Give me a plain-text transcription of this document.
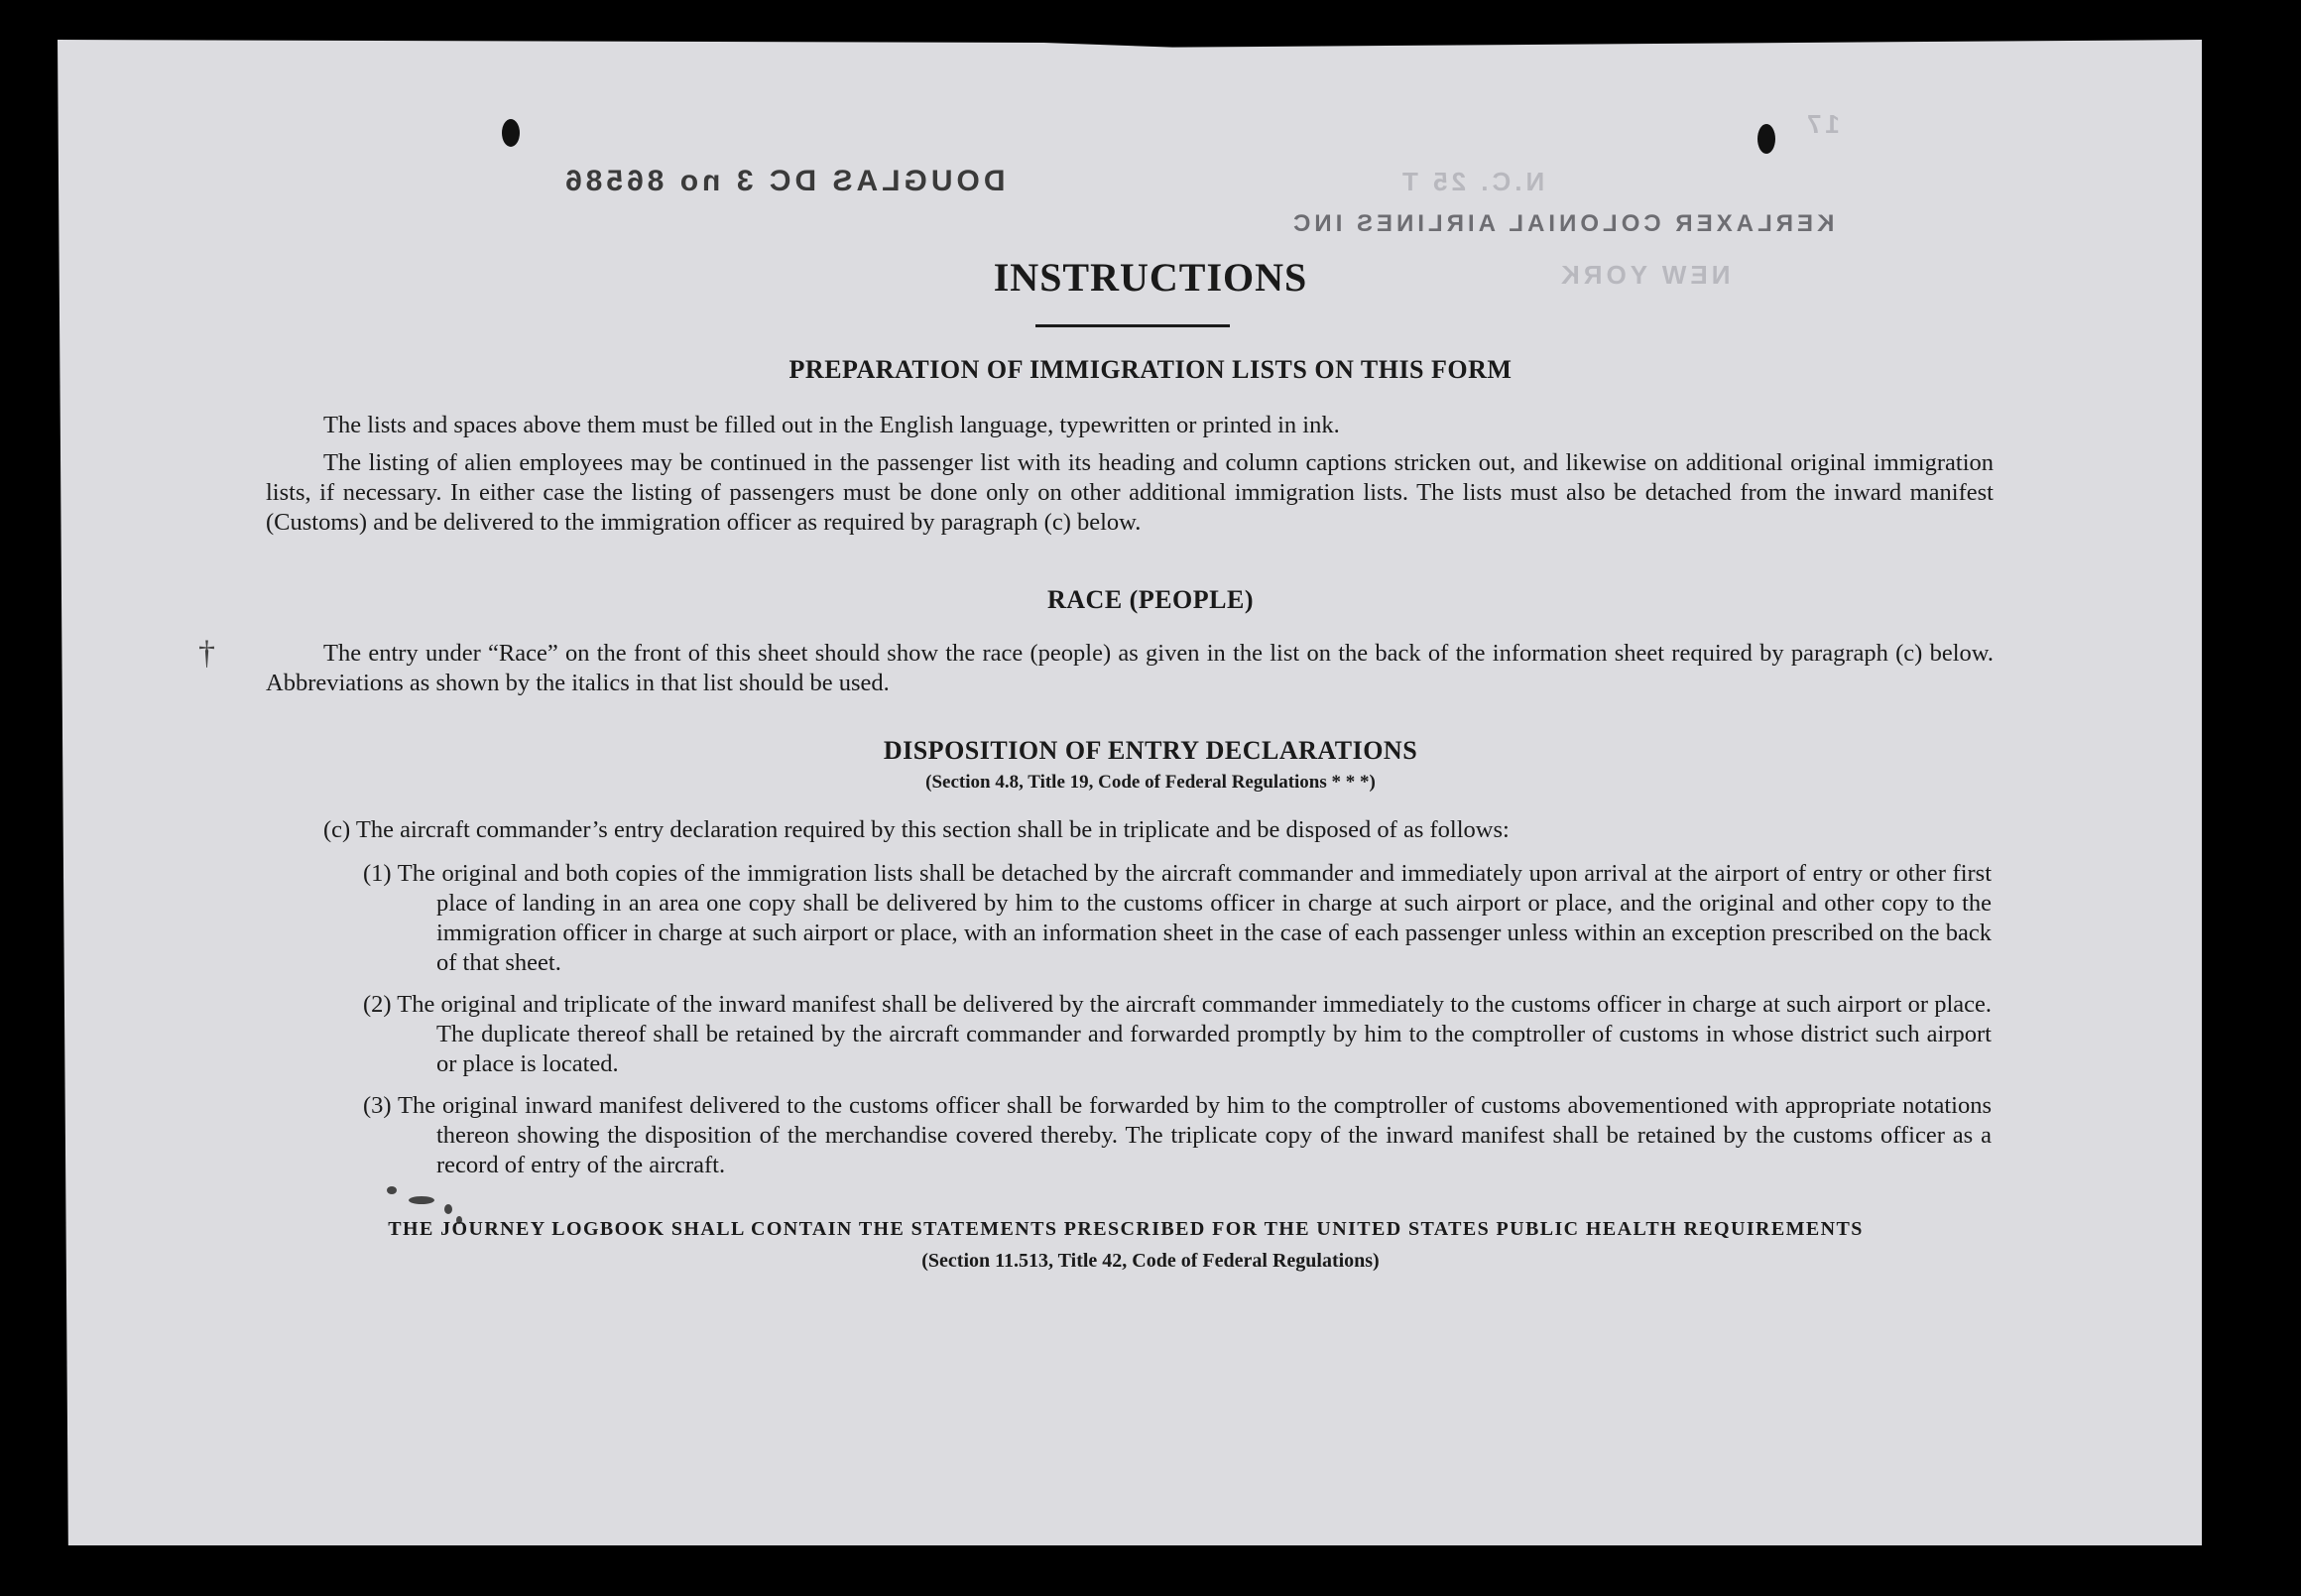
DOUGLAS DC 3 no 86586	N.C. 25 T
KERLAXER COLONIAL AIRLINES INC
NEW YORK
17
†
INSTRUCTIONS
PREPARATION OF IMMIGRATION LISTS ON THIS FORM

The lists and spaces above them must be filled out in the English language, typewritten or printed in ink.

The listing of alien employees may be continued in the passenger list with its heading and column captions stricken out, and likewise on additional original immigration lists, if necessary. In either case the listing of passengers must be done only on other additional immigration lists. The lists must also be detached from the inward manifest (Customs) and be delivered to the immigration officer as required by paragraph (c) below.

RACE (PEOPLE)

The entry under “Race” on the front of this sheet should show the race (people) as given in the list on the back of the information sheet required by paragraph (c) below. Abbreviations as shown by the italics in that list should be used.

DISPOSITION OF ENTRY DECLARATIONS

(Section 4.8, Title 19, Code of Federal Regulations * * *)

(c) The aircraft commander’s entry declaration required by this section shall be in triplicate and be disposed of as follows:

(1) The original and both copies of the immigration lists shall be detached by the aircraft commander and immediately upon arrival at the airport of entry or other first place of landing in an area one copy shall be delivered by him to the customs officer in charge at such airport or place, and the original and other copy to the immigration officer in charge at such airport or place, with an information sheet in the case of each passenger unless within an exception prescribed on the back of that sheet.

(2) The original and triplicate of the inward manifest shall be delivered by the aircraft commander immediately to the customs officer in charge at such airport or place. The duplicate thereof shall be retained by the aircraft commander and forwarded promptly by him to the comptroller of customs in whose district such airport or place is located.

(3) The original inward manifest delivered to the customs officer shall be forwarded by him to the comptroller of customs abovementioned with appropriate notations thereon showing the disposition of the merchandise covered thereby. The triplicate copy of the inward manifest shall be retained by the customs officer as a record of entry of the aircraft.

THE JOURNEY LOGBOOK SHALL CONTAIN THE STATEMENTS PRESCRIBED FOR THE UNITED STATES PUBLIC HEALTH REQUIREMENTS

(Section 11.513, Title 42, Code of Federal Regulations)
